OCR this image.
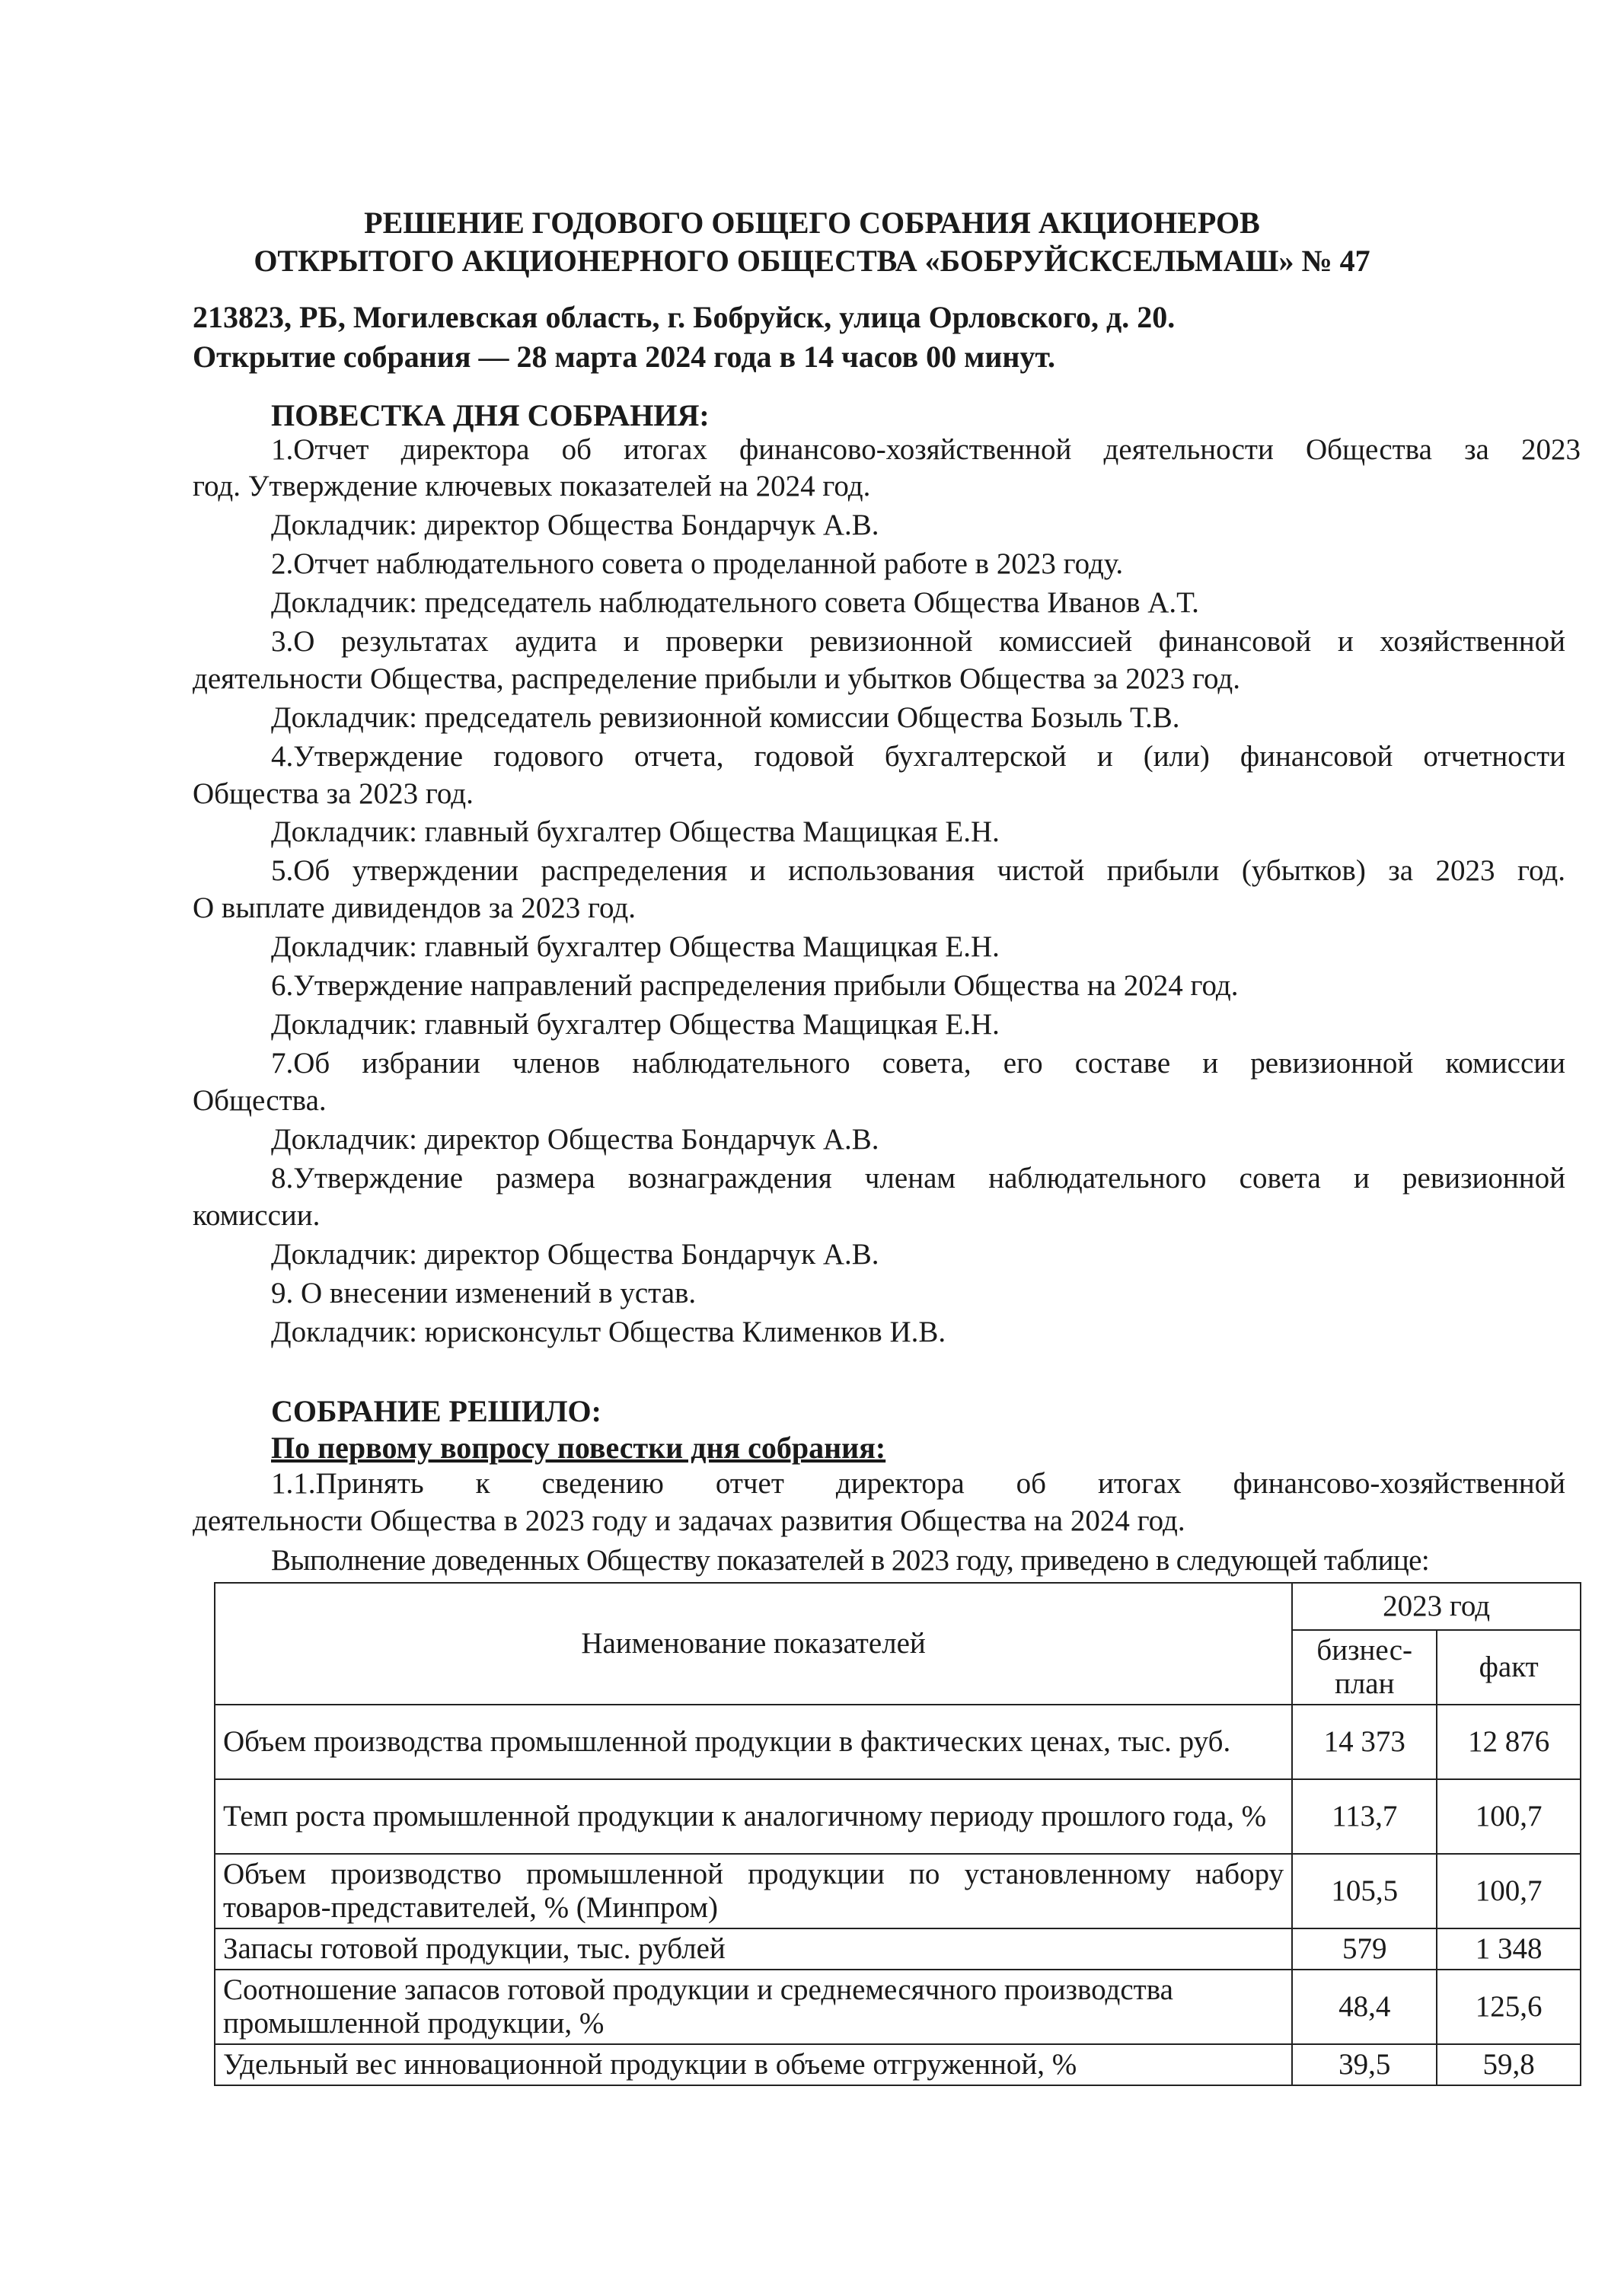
РЕШЕНИЕ ГОДОВОГО ОБЩЕГО СОБРАНИЯ АКЦИОНЕРОВ
ОТКРЫТОГО АКЦИОНЕРНОГО ОБЩЕСТВА «БОБРУЙСКСЕЛЬМАШ» № 47
213823, РБ, Могилевская область, г. Бобруйск, улица Орловского, д. 20.
Открытие собрания — 28 марта 2024 года в 14 часов 00 минут.
ПОВЕСТКА ДНЯ СОБРАНИЯ:
1.Отчет директора об итогах финансово-хозяйственной деятельности Общества за 2023
год. Утверждение ключевых показателей на 2024 год.
Докладчик: директор Общества Бондарчук А.В.
2.Отчет наблюдательного совета о проделанной работе в 2023 году.
Докладчик: председатель наблюдательного совета Общества Иванов А.Т.
3.О результатах аудита и проверки ревизионной комиссией финансовой и хозяйственной
деятельности Общества, распределение прибыли и убытков Общества за 2023 год.
Докладчик: председатель ревизионной комиссии Общества Бозыль Т.В.
4.Утверждение годового отчета, годовой бухгалтерской и (или) финансовой отчетности
Общества за 2023 год.
Докладчик: главный бухгалтер Общества Мащицкая Е.Н.
5.Об утверждении распределения и использования чистой прибыли (убытков) за 2023 год.
О выплате дивидендов за 2023 год.
Докладчик: главный бухгалтер Общества Мащицкая Е.Н.
6.Утверждение направлений распределения прибыли Общества на 2024 год.
Докладчик: главный бухгалтер Общества Мащицкая Е.Н.
7.Об избрании членов наблюдательного совета, его составе и ревизионной комиссии
Общества.
Докладчик: директор Общества Бондарчук А.В.
8.Утверждение размера вознаграждения членам наблюдательного совета и ревизионной
комиссии.
Докладчик: директор Общества Бондарчук А.В.
9. О внесении изменений в устав.
Докладчик: юрисконсульт Общества Клименков И.В.
СОБРАНИЕ РЕШИЛО:
По первому вопросу повестки дня собрания:
1.1.Принять к сведению отчет директора об итогах финансово-хозяйственной
деятельности Общества в 2023 году и задачах развития Общества на 2024 год.
Выполнение доведенных Обществу показателей в 2023 году, приведено в следующей таблице:
Наименование показателей	2023 год	
	бизнес-план	факт
Объем производства промышленной продукции в фактических ценах, тыс. руб.	14 373	12 876
Темп роста промышленной продукции к аналогичному периоду прошлого года, %	113,7	100,7
Объем производство промышленной продукции по установленному набору товаров-представителей, % (Минпром)	105,5	100,7
Запасы готовой продукции, тыс. рублей	579	1 348
Соотношение запасов готовой продукции и среднемесячного производства промышленной продукции, %	48,4	125,6
Удельный вес инновационной продукции в объеме отгруженной, %	39,5	59,8
